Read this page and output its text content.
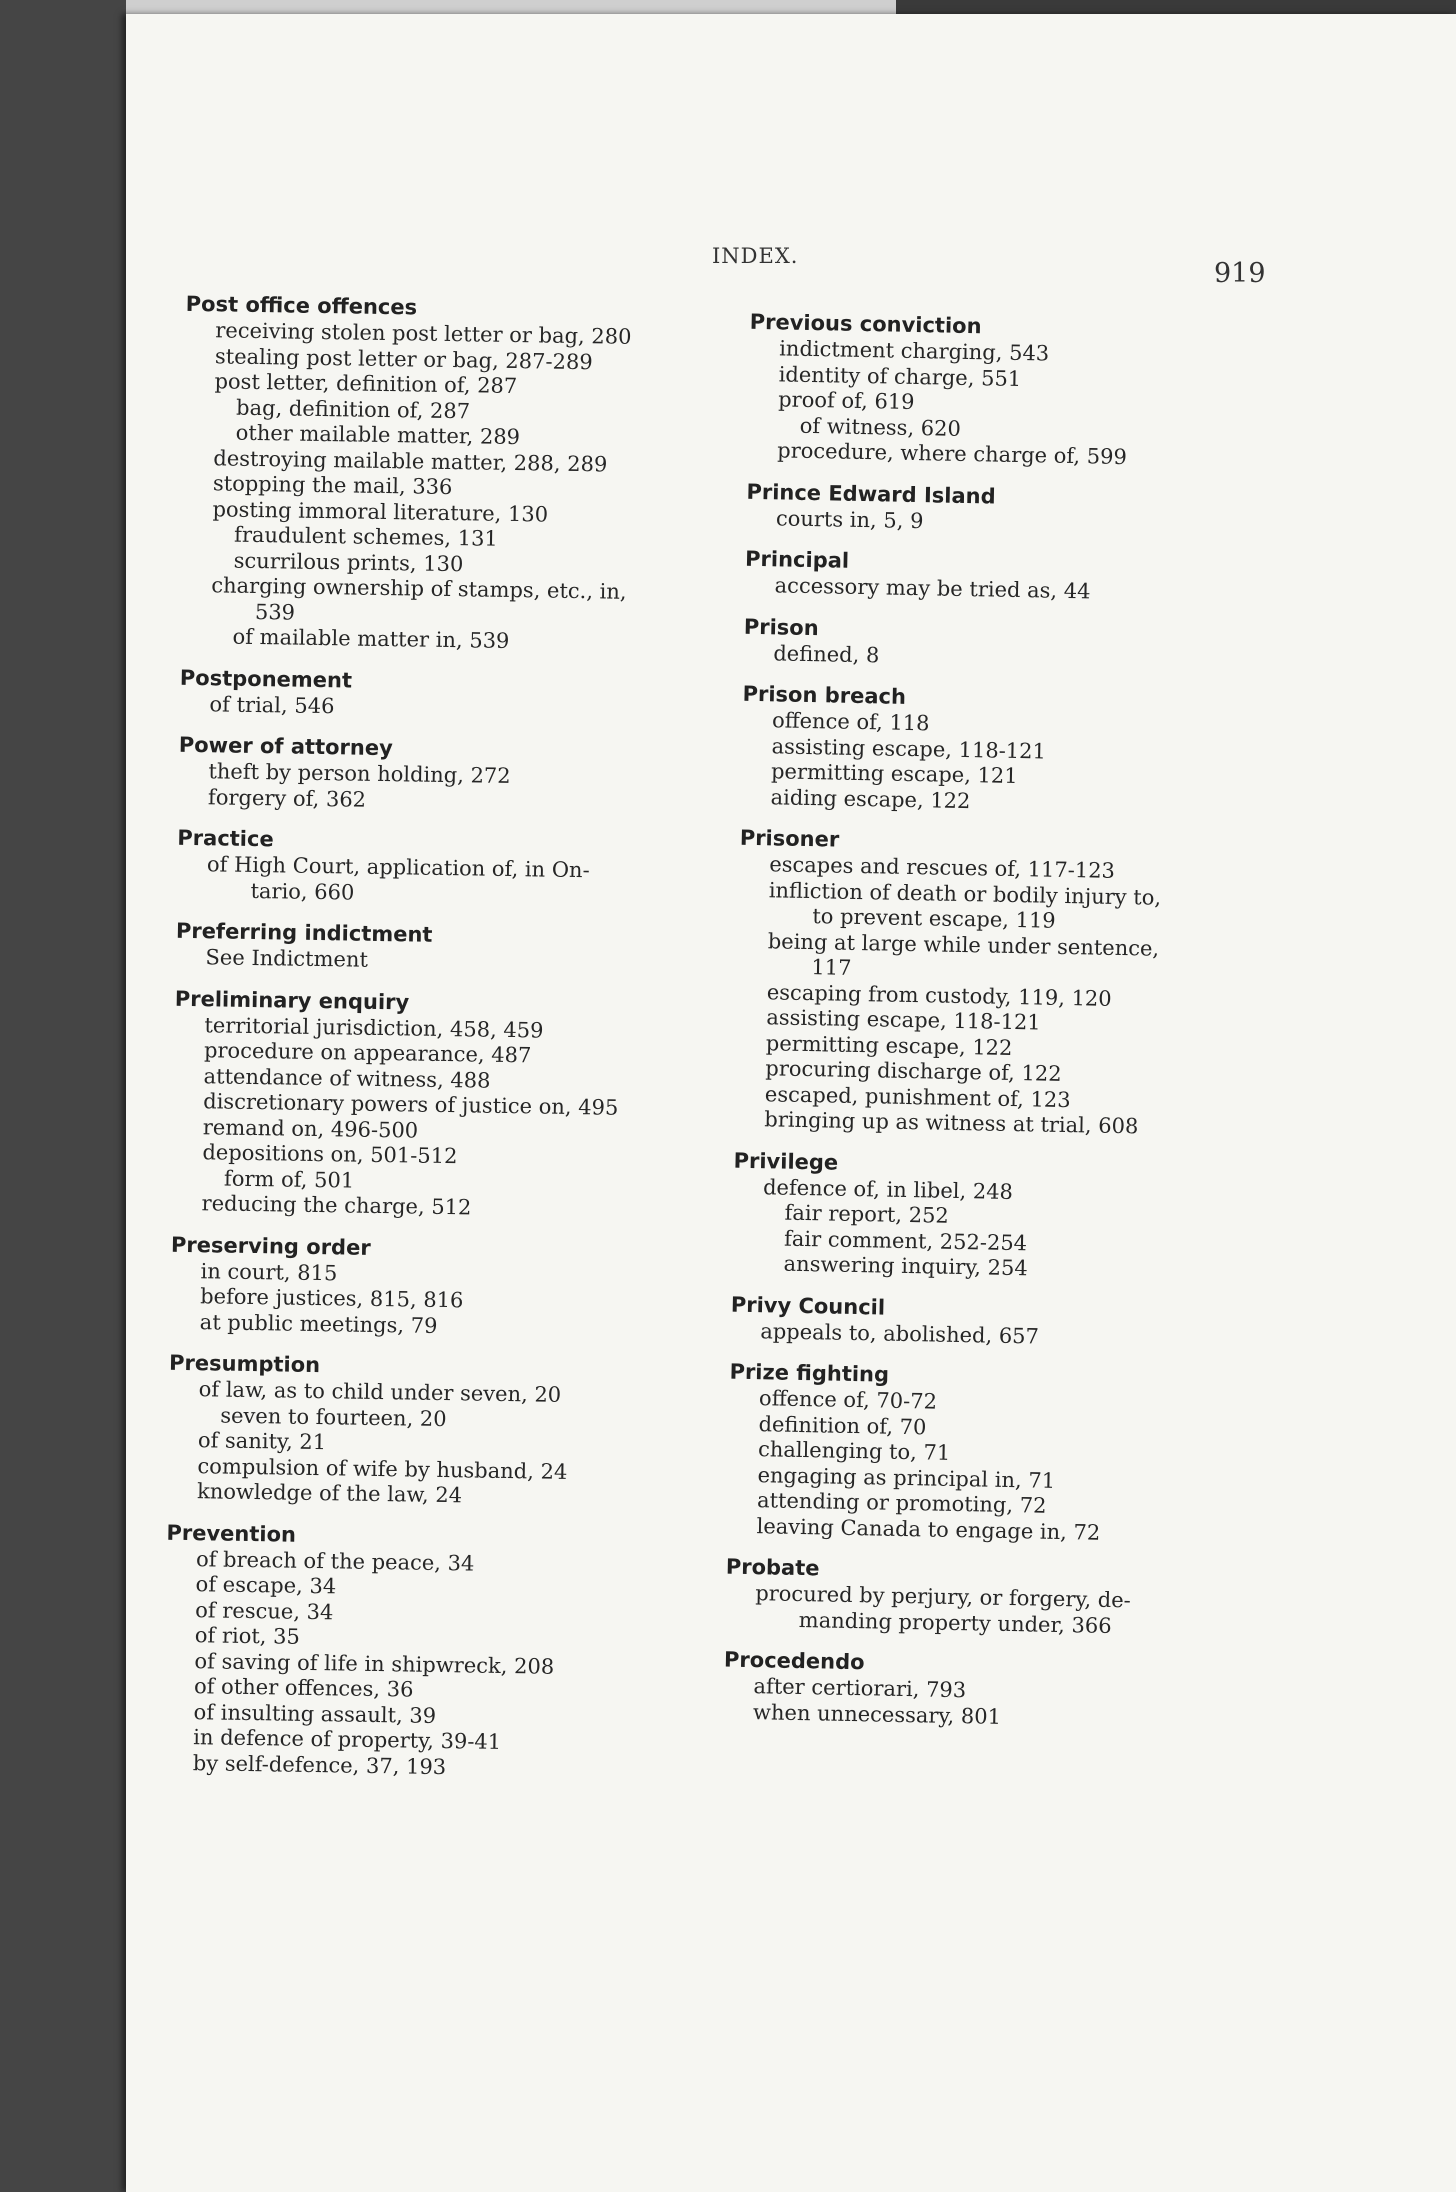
INDEX.
919
Post office offences
receiving stolen post letter or bag, 280
stealing post letter or bag, 287-289
post letter, definition of, 287
bag, definition of, 287
other mailable matter, 289
destroying mailable matter, 288, 289
stopping the mail, 336
posting immoral literature, 130
fraudulent schemes, 131
scurrilous prints, 130
charging ownership of stamps, etc., in,
539
of mailable matter in, 539
Postponement
of trial, 546
Power of attorney
theft by person holding, 272
forgery of, 362
Practice
of High Court, application of, in On-
tario, 660
Preferring indictment
See Indictment
Preliminary enquiry
territorial jurisdiction, 458, 459
procedure on appearance, 487
attendance of witness, 488
discretionary powers of justice on, 495
remand on, 496-500
depositions on, 501-512
form of, 501
reducing the charge, 512
Preserving order
in court, 815
before justices, 815, 816
at public meetings, 79
Presumption
of law, as to child under seven, 20
seven to fourteen, 20
of sanity, 21
compulsion of wife by husband, 24
knowledge of the law, 24
Prevention
of breach of the peace, 34
of escape, 34
of rescue, 34
of riot, 35
of saving of life in shipwreck, 208
of other offences, 36
of insulting assault, 39
in defence of property, 39-41
by self-defence, 37, 193
Previous conviction
indictment charging, 543
identity of charge, 551
proof of, 619
of witness, 620
procedure, where charge of, 599
Prince Edward Island
courts in, 5, 9
Principal
accessory may be tried as, 44
Prison
defined, 8
Prison breach
offence of, 118
assisting escape, 118-121
permitting escape, 121
aiding escape, 122
Prisoner
escapes and rescues of, 117-123
infliction of death or bodily injury to,
to prevent escape, 119
being at large while under sentence,
117
escaping from custody, 119, 120
assisting escape, 118-121
permitting escape, 122
procuring discharge of, 122
escaped, punishment of, 123
bringing up as witness at trial, 608
Privilege
defence of, in libel, 248
fair report, 252
fair comment, 252-254
answering inquiry, 254
Privy Council
appeals to, abolished, 657
Prize fighting
offence of, 70-72
definition of, 70
challenging to, 71
engaging as principal in, 71
attending or promoting, 72
leaving Canada to engage in, 72
Probate
procured by perjury, or forgery, de-
manding property under, 366
Procedendo
after certiorari, 793
when unnecessary, 801
